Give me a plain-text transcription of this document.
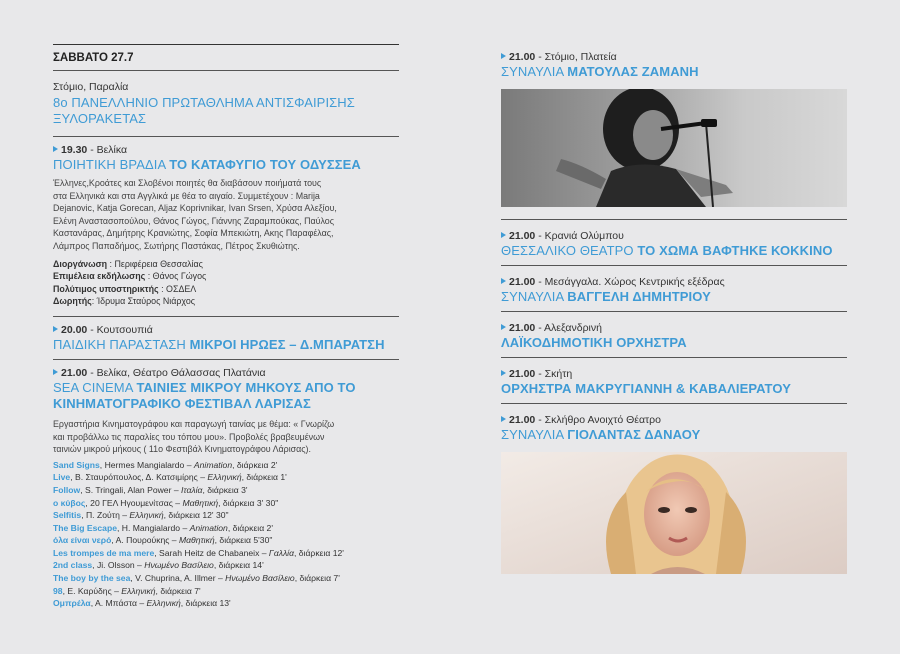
ΣΑΒΒΑΤΟ 27.7
Στόμιο, Παραλία
8ο ΠΑΝΕΛΛΗΝΙΟ ΠΡΩΤΑΘΛΗΜΑ ΑΝΤΙΣΦΑΙΡΙΣΗΣ ΞΥΛΟΡΑΚΕΤΑΣ
19.30 - Βελίκα
ΠΟΙΗΤΙΚΗ ΒΡΑΔΙΑ ΤΟ ΚΑΤΑΦΥΓΙΟ ΤΟΥ ΟΔΥΣΣΕΑ
Έλληνες,Κροάτες και Σλοβένοι ποιητές θα διαβάσουν ποιήματά τους
στα Ελληνικά και στα Αγγλικά με θέα το αιγαίο. Συμμετέχουν : Marija
Dejanovic, Katja Gorecan, Aljaz Koprivnikar, Ivan Srsen, Χρύσα Αλεξίου,
Ελένη Αναστασοπούλου, Θάνος Γώγος, Γιάννης Ζαραμπούκας, Παύλος
Καστανάρας, Δημήτρης Κρανιώτης, Σοφία Μπεκιώτη, Ακης Παραφέλας,
Λάμπρος Παπαδήμος, Σωτήρης Παστάκας, Πέτρος Σκυθιώτης.
Διοργάνωση : Περιφέρεια Θεσσαλίας
Επιμέλεια εκδήλωσης : Θάνος Γώγος
Πολύτιμος υποστηρικτής : ΟΣΔΕΛ
Δωρητής: Ίδρυμα Σταύρος Νιάρχος
20.00 - Κουτσουπιά
ΠΑΙΔΙΚΗ ΠΑΡΑΣΤΑΣΗ ΜΙΚΡΟΙ ΗΡΩΕΣ – Δ.ΜΠΑΡΑΤΣΗ
21.00 - Βελίκα, Θέατρο Θάλασσας Πλατάνια
SEA CINEMA ΤΑΙΝΙΕΣ ΜΙΚΡΟΥ ΜΗΚΟΥΣ ΑΠΟ ΤΟ
ΚΙΝΗΜΑΤΟΓΡΑΦΙΚΟ ΦΕΣΤΙΒΑΛ ΛΑΡΙΣΑΣ
Εργαστήρια Κινηματογράφου και παραγωγή ταινίας με θέμα: « Γνωρίζω
και προβάλλω τις παραλίες του τόπου μου». Προβολές βραβευμένων
ταινιών μικρού μήκους ( 11ο Φεστιβάλ Κινηματογράφου Λάρισας).
Sand Signs, Hermes Mangialardo – Animation, διάρκεια 2'
Live, Β. Σταυρόπουλος, Δ. Κατσιμίρης – Ελληνική, διάρκεια 1'
Follow, S. Tringali, Alan Power – Ιταλία, διάρκεια 3'
ο κύβος, 20 ΓΕΛ Ηγουμενίτσας – Μαθητική, διάρκεια 3' 30"
Selfitis, Π. Ζούτη – Ελληνική, διάρκεια 12' 30"
The Big Escape, H. Mangialardo – Animation, διάρκεια 2'
όλα είναι νερό, Α. Πουρούκης – Μαθητική, διάρκεια 5'30"
Les trompes de ma mere, Sarah Heitz de Chabaneix – Γαλλία, διάρκεια 12'
2nd class, Ji. Olsson – Ηνωμένο Βασίλειο, διάρκεια 14'
The boy by the sea, V. Chuprina, A. Illmer – Ηνωμένο Βασίλειο, διάρκεια 7'
98, Ε. Καρύδης – Ελληνική, διάρκεια 7'
Ομπρέλα, Α. Μπάστα – Ελληνική, διάρκεια 13'
21.00 - Στόμιο, Πλατεία
ΣΥΝΑΥΛΙΑ ΜΑΤΟΥΛΑΣ ΖΑΜΑΝΗ
21.00 - Κρανιά Ολύμπου
ΘΕΣΣΑΛΙΚΟ ΘΕΑΤΡΟ ΤΟ ΧΩΜΑ ΒΑΦΤΗΚΕ ΚΟΚΚΙΝΟ
21.00 - Μεσάγγαλα. Χώρος Κεντρικής εξέδρας
ΣΥΝΑΥΛΙΑ ΒΑΓΓΕΛΗ ΔΗΜΗΤΡΙΟΥ
21.00 - Αλεξανδρινή
ΛΑΪΚΟΔΗΜΟΤΙΚΗ ΟΡΧΗΣΤΡΑ
21.00 - Σκήτη
ΟΡΧΗΣΤΡΑ ΜΑΚΡΥΓΙΑΝΝΗ & ΚΑΒΑΛΙΕΡΑΤΟΥ
21.00 - Σκλήθρο Ανοιχτό Θέατρο
ΣΥΝΑΥΛΙΑ ΓΙΟΛΑΝΤΑΣ ΔΑΝΑΟΥ
